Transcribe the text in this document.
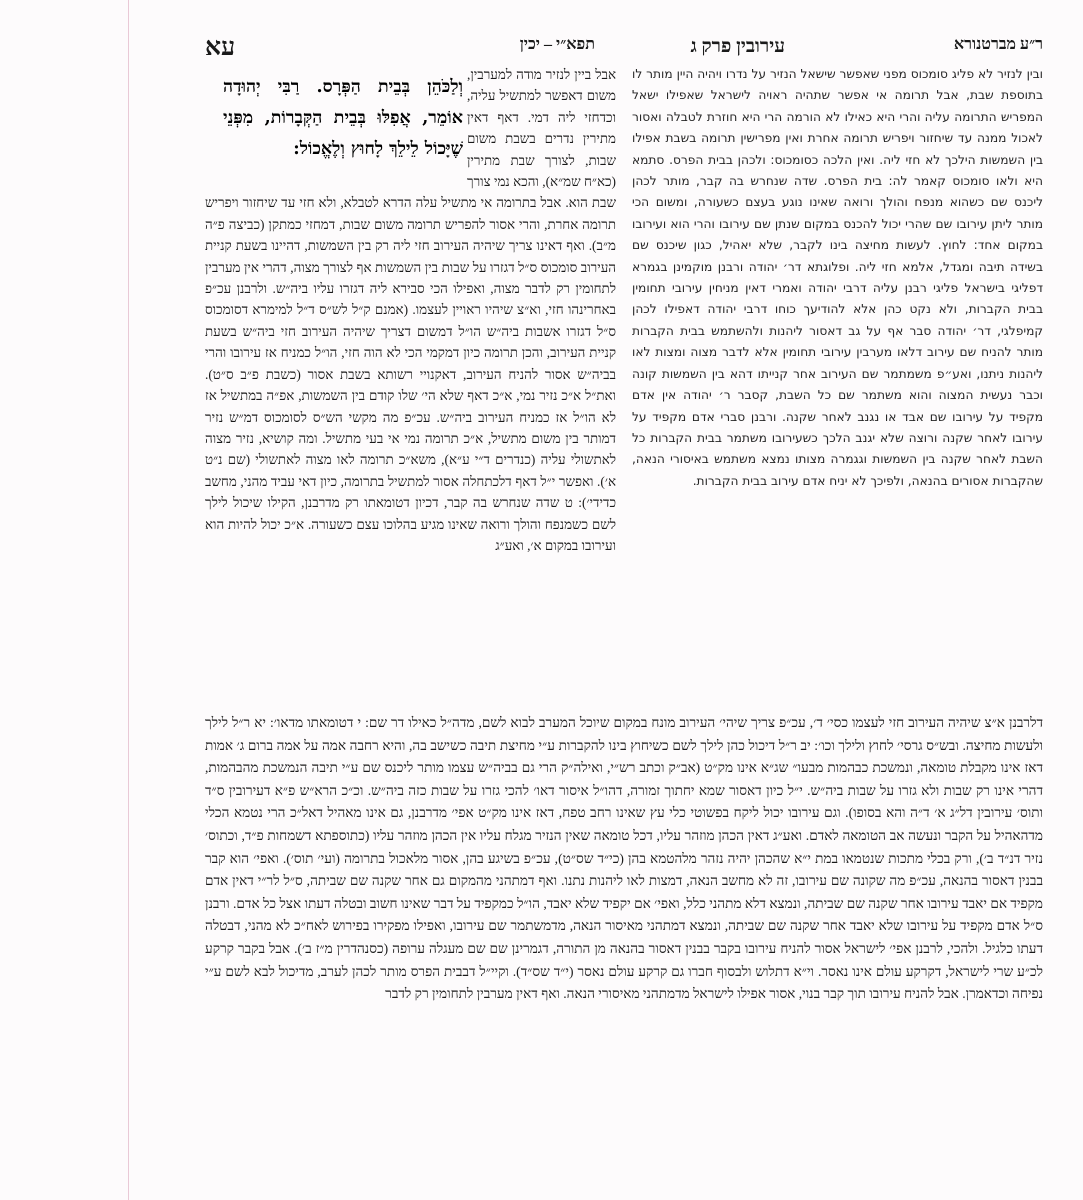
ר״ע מברטנורא
עירובין פרק ג
תפא״י – יכין
עא
ובין לנזיר לא פליג סומכוס מפני שאפשר שישאל הנזיר על נדרו ויהיה היין מותר לו בתוספת שבת, אבל תרומה אי אפשר שתהיה ראויה לישראל שאפילו ישאל המפריש התרומה עליה והרי היא כאילו לא הורמה הרי היא חוזרת לטבלה ואסור לאכול ממנה עד שיחזור ויפריש תרומה אחרת ואין מפרישין תרומה בשבת אפילו בין השמשות הילכך לא חזי ליה. ואין הלכה כסומכוס: ולכהן בבית הפרס. סתמא היא ולאו סומכוס קאמר לה: בית הפרס. שדה שנחרש בה קבר, מותר לכהן ליכנס שם כשהוא מנפח והולך ורואה שאינו נוגע בעצם כשעורה, ומשום הכי מותר ליתן עירובו שם שהרי יכול להכנס במקום שנתן שם עירובו והרי הוא ועירובו במקום אחד: לחוץ. לעשות מחיצה בינו לקבר, שלא יאהיל, כגון שיכנס שם בשידה תיבה ומגדל, אלמא חזי ליה. ופלוגתא דר׳ יהודה ורבנן מוקמינן בגמרא דפליגי בישראל פליגי רבנן עליה דרבי יהודה ואמרי דאין מניחין עירובי תחומין בבית הקברות, ולא נקט כהן אלא להודיעך כוחו דרבי יהודה דאפילו לכהן קמיפלגי, דר׳ יהודה סבר אף על גב דאסור ליהנות ולהשתמש בבית הקברות מותר להניח שם עירוב דלאו מערבין עירובי תחומין אלא לדבר מצוה ומצות לאו ליהנות ניתנו, ואע״פ משמתמר שם העירוב אחר קנייתו דהא בין השמשות קונה וכבר נעשית המצוה והוא משתמר שם כל השבת, קסבר ר׳ יהודה אין אדם מקפיד על עירובו שם אבד או נגנב לאחר שקנה. ורבנן סברי אדם מקפיד על עירובו לאחר שקנה ורוצה שלא יגנב הלכך כשעירובו משתמר בבית הקברות כל השבת לאחר שקנה בין השמשות וגגמרה מצותו נמצא משתמש באיסורי הנאה, שהקברות אסורים בהנאה, ולפיכך לא יניח אדם עירוב בבית הקברות.
וְלַכֹּהֵן בְּבֵית הַפְּרָס. רַבִּי יְהוּדָה אוֹמֵר, אֲפִלּוּ בְּבֵית הַקְּבָרוֹת, מִפְּנֵי שֶׁיָּכוֹל לֵילֵךְ לָחוּץ וְלֶאֱכוֹל:
אבל ביין לנזיר מודה למערבין, משום דאפשר למתשיל עליה, וכדחזי ליה דמי. דאף דאין מתירין נדרים בשבת משום שבות, לצורך שבת מתירין (כא״ח שמ״א), והכא נמי צורך שבת הוא. אבל בתרומה אי מתשיל עלה הדרא לטבלא, ולא חזי עד שיחזור ויפריש תרומה אחרת, והרי אסור להפריש תרומה משום שבות, דמחזי כמתקן (כביצה פ״ה מ״ב). ואף דאינו צריך שיהיה העירוב חזי ליה רק בין השמשות, דהיינו בשעת קניית העירוב סומכוס ס״ל דגזרו על שבות בין השמשות אף לצורך מצוה, דהרי אין מערבין לתחומין רק לדבר מצוה, ואפילו הכי סבירא ליה דגזרו עליו ביה״ש. ולרבנן עכ״פ באחרינהו חזי, וא״צ שיהיו ראויין לעצמו. (אמנם ק״ל לש״ס ד״ל למימרא דסומכוס ס״ל דגזרו אשבות ביה״ש הו״ל דמשום דצריך שיהיה העירוב חזי ביה״ש בשעת קניית העירוב, והכן תרומה כיון דמקמי הכי לא הוה חזי, הו״ל כמניח אז עירובו והרי בביה״ש אסור להניח העירוב, דאקנויי רשותא בשבת אסור (כשבת פ״ב ס״ט). ואת״ל א״כ נזיר נמי, א״כ דאף שלא הי׳ שלו קודם בין השמשות, אפ״ה במתשיל אז לא הו״ל אז כמניח העירוב ביה״ש. עכ״פ מה מקשי הש״ס לסומכוס דמ״ש נזיר דמותר בין משום מתשיל, א״כ תרומה נמי אי בעי מתשיל. ומה קושיא, נזיר מצוה לאתשולי עליה (כנדרים ד״י ע״א), משא״כ תרומה לאו מצוה לאתשולי (שם נ״ט א׳). ואפשר י״ל דאף דלכתחלה אסור למתשיל בתרומה, כיון דאי עביד מהני, מחשב כדידי׳): ט שדה שנחרש בה קבר, דכיון דטומאתו רק מדרבנן, הקילו שיכול לילך לשם כשמנפח והולך ורואה שאינו מגיע בהלוכו עצם כשעורה. א״כ יכול להיות הוא ועירובו במקום א׳, ואע״ג
דלרבנן א״צ שיהיה העירוב חזי לעצמו כסי׳ ד׳, עכ״פ צריך שיהי׳ העירוב מונח במקום שיוכל המערב לבוא לשם, מדה״ל כאילו דר שם: י דטומאתו מדאו׳: יא ר״ל לילך ולעשות מחיצה. ובש״ס גרסי׳ לחוץ ולילך וכו׳: יב ר״ל דיכול כהן לילך לשם כשיחוץ בינו להקברות ע״י מחיצת תיבה כשישב בה, והיא רחבה אמה על אמה ברום ג׳ אמות דאז אינו מקבלת טומאה, ונמשכת כבהמות מבעו״ שג״א אינו מק״ט (אב״ק וכתב רש״י, ואילה״ק הרי גם בביה״ש עצמו מותר ליכנס שם ע״י תיבה הנמשכת מהבהמות, דהרי אינו רק שבות ולא גזרו על שבות ביה״ש. י״ל כיון דאסור שמא יחתוך זמורה, דהו״ל איסור דאו׳ להכי גזרו על שבות כזה ביה״ש. וכ״כ הרא״ש פ״א דעירובין ס״ד ותוס׳ עירובין דל״ג א׳ ד״ה והא בסופו). וגם עירובו יכול ליקח בפשוטי כלי עץ שאינו רחב טפח, דאז אינו מק״ט אפי׳ מדרבנן, גם אינו מאהיל דאל״כ הרי נטמא הכלי מדהאהיל על הקבר ונעשה אב הטומאה לאדם. ואע״ג דאין הכהן מוזהר עליו, דכל טומאה שאין הנזיר מגלח עליו אין הכהן מוזהר עליו (כתוספתא דשמחות פ״ד, וכתוס׳ נזיר דנ״ד ב׳), ורק בכלי מתכות שנטמאו במת י״א שהכהן יהיה נזהר מלהטמא בהן (כי״ד שס״ט), עכ״פ בשיגע בהן, אסור מלאכול בתרומה (ועי׳ תוס׳). ואפי׳ הוא קבר בבנין דאסור בהנאה, עכ״פ מה שקונה שם עירובו, זה לא מחשב הנאה, דמצות לאו ליהנות נתנו. ואף דמתהני מהמקום גם אחר שקנה שם שביתה, ס״ל לר״י דאין אדם מקפיד אם יאבד עירובו אחר שקנה שם שביתה, ונמצא דלא מתהני כלל, ואפי׳ אם יקפיד שלא יאבד, הו״ל כמקפיד על דבר שאינו חשוב ובטלה דעתו אצל כל אדם. ורבנן ס״ל אדם מקפיד על עירובו שלא יאבד אחר שקנה שם שביתה, ונמצא דמתהני מאיסור הנאה, מדמשתמר שם עירובו, ואפילו מפקירו בפירוש לאח״כ לא מהני, דבטלה דעתו כלגיל. ולהכי, לרבנן אפי׳ לישראל אסור להניח עירובו בקבר בבנין דאסור בהנאה מן התורה, דגמרינן שם שם מעגלה ערופה (כסנהדרין מ״ז ב׳). אבל בקבר קרקע לכ״ע שרי לישראל, דקרקע עולם אינו נאסר. וי״א דתלוש ולבסוף חברו גם קרקע עולם נאסר (י״ד שס״ד). וקיי״ל דבבית הפרס מותר לכהן לערב, מדיכול לבא לשם ע״י נפיחה וכדאמרן. אבל להניח עירובו תוך קבר בנוי, אסור אפילו לישראל מדמתהני מאיסורי הנאה. ואף דאין מערבין לתחומין רק לדבר
